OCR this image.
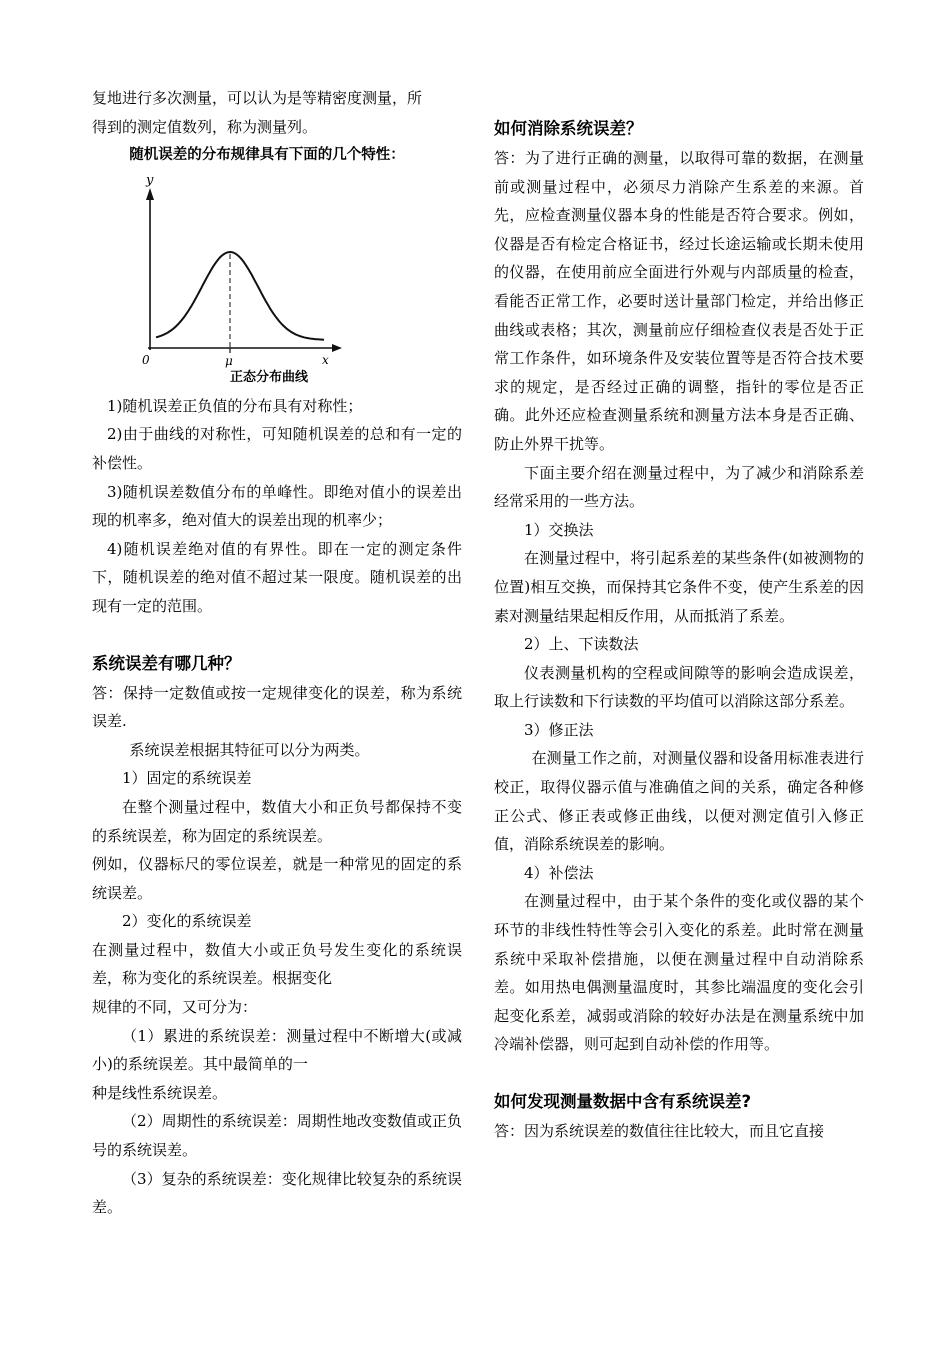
复地进行多次测量，可以认为是等精密度测量，所

得到的测定值数列，称为测量列。

随机误差的分布规律具有下面的几个特性：

y
0	μ	x
正态分布曲线

1)随机误差正负值的分布具有对称性；

2)由于曲线的对称性，可知随机误差的总和有一定的补偿性。

3)随机误差数值分布的单峰性。即绝对值小的误差出现的机率多，绝对值大的误差出现的机率少；

4)随机误差绝对值的有界性。即在一定的测定条件下，随机误差的绝对值不超过某一限度。随机误差的出现有一定的范围。

系统误差有哪几种？

答：保持一定数值或按一定规律变化的误差，称为系统误差.

系统误差根据其特征可以分为两类。

1）固定的系统误差

在整个测量过程中，数值大小和正负号都保持不变的系统误差，称为固定的系统误差。

例如，仪器标尺的零位误差，就是一种常见的固定的系统误差。

2）变化的系统误差

在测量过程中，数值大小或正负号发生变化的系统误差，称为变化的系统误差。根据变化

规律的不同，又可分为：

（1）累进的系统误差：测量过程中不断增大(或减小)的系统误差。其中最简单的一

种是线性系统误差。

（2）周期性的系统误差：周期性地改变数值或正负号的系统误差。

（3）复杂的系统误差：变化规律比较复杂的系统误差。

如何消除系统误差？

答：为了进行正确的测量，以取得可靠的数据，在测量前或测量过程中，必须尽力消除产生系差的来源。首先，应检查测量仪器本身的性能是否符合要求。例如，仪器是否有检定合格证书，经过长途运输或长期未使用的仪器，在使用前应全面进行外观与内部质量的检查，看能否正常工作，必要时送计量部门检定，并给出修正曲线或表格；其次，测量前应仔细检查仪表是否处于正常工作条件，如环境条件及安装位置等是否符合技术要求的规定，是否经过正确的调整，指针的零位是否正确。此外还应检查测量系统和测量方法本身是否正确、防止外界干扰等。

下面主要介绍在测量过程中，为了减少和消除系差经常采用的一些方法。

1）交换法

在测量过程中，将引起系差的某些条件(如被测物的位置)相互交换，而保持其它条件不变，使产生系差的因素对测量结果起相反作用，从而抵消了系差。

2）上、下读数法

仪表测量机构的空程或间隙等的影响会造成误差，取上行读数和下行读数的平均值可以消除这部分系差。

3）修正法

在测量工作之前，对测量仪器和设备用标准表进行校正，取得仪器示值与准确值之间的关系，确定各种修正公式、修正表或修正曲线，以便对测定值引入修正值，消除系统误差的影响。

4）补偿法

在测量过程中，由于某个条件的变化或仪器的某个环节的非线性特性等会引入变化的系差。此时常在测量系统中采取补偿措施，以便在测量过程中自动消除系差。如用热电偶测量温度时，其参比端温度的变化会引起变化系差，减弱或消除的较好办法是在测量系统中加冷端补偿器，则可起到自动补偿的作用等。

如何发现测量数据中含有系统误差?

答：因为系统误差的数值往往比较大，而且它直接
